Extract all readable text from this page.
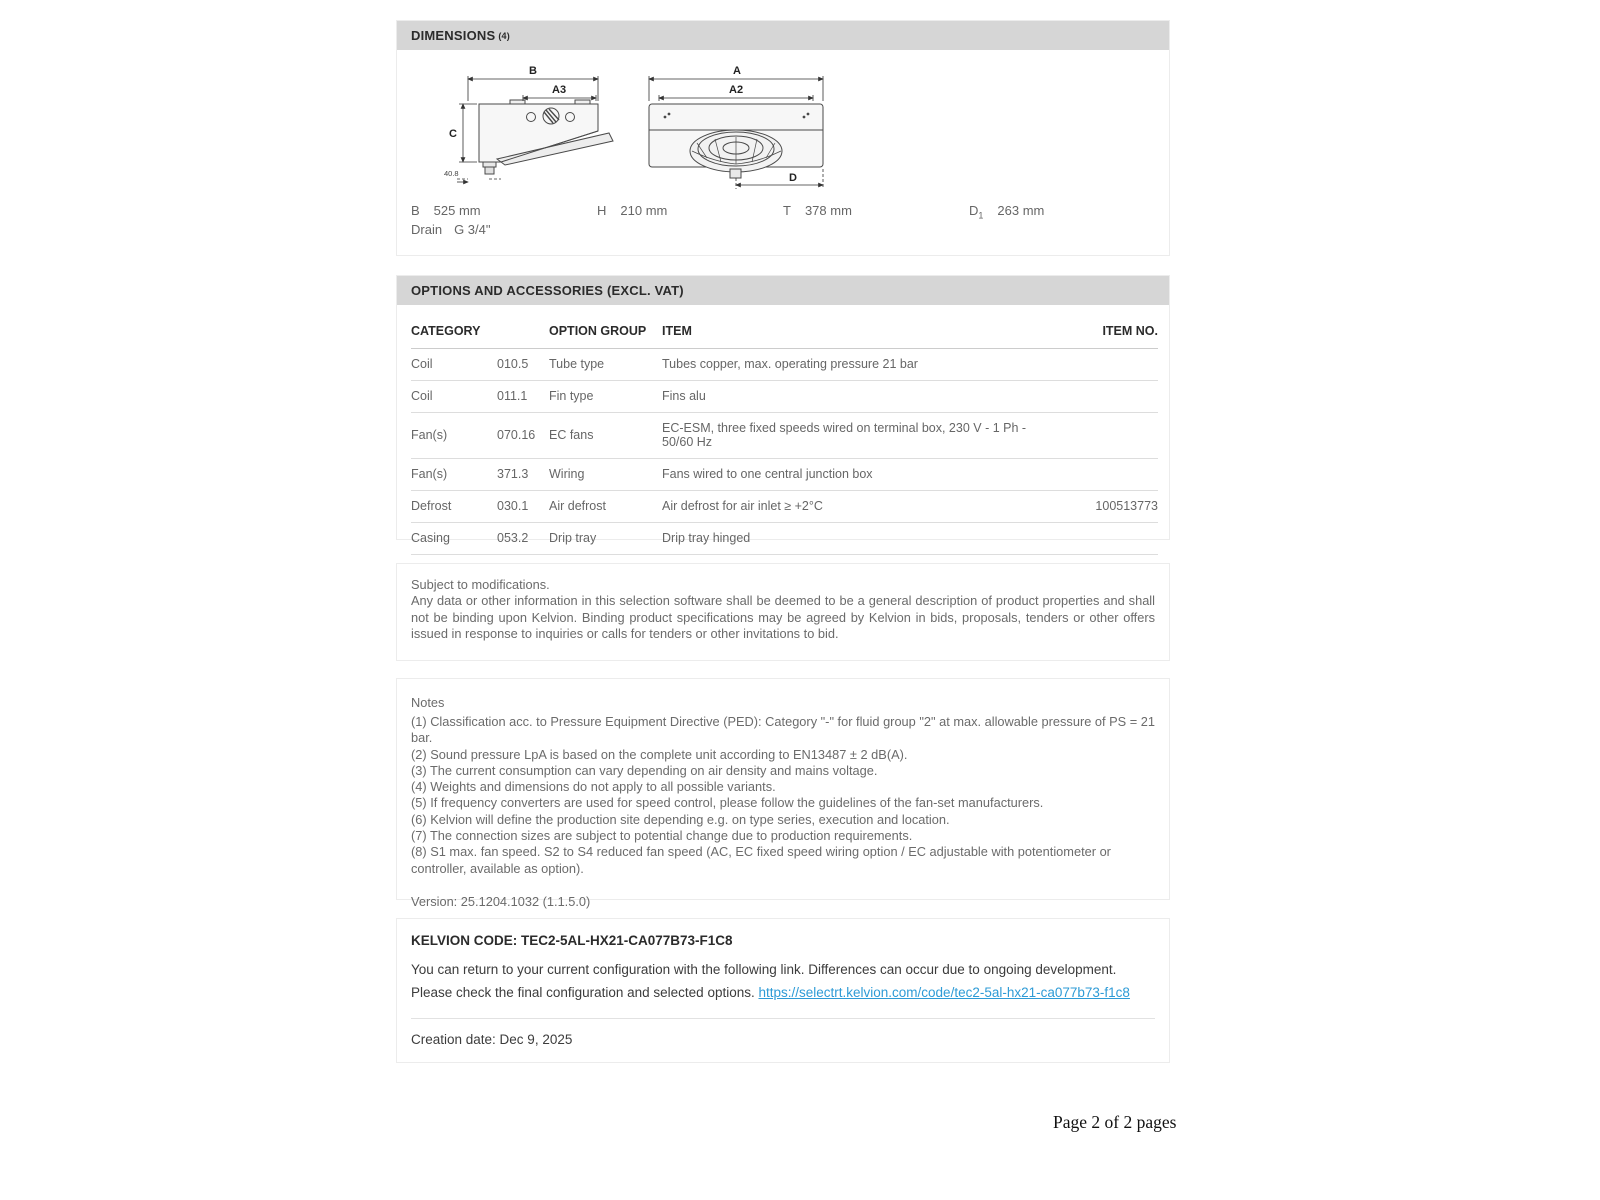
DIMENSIONS (4)
B
A3
C
40.8
A
A2
D
B 525 mm	H 210 mm	T 378 mm	$D_1$ 263 mm
Drain G 3/4"
OPTIONS AND ACCESSORIES (EXCL. VAT)
CATEGORY		OPTION GROUP	ITEM	ITEM NO.
Coil	010.5	Tube type	Tubes copper, max. operating pressure 21 bar	
Coil	011.1	Fin type	Fins alu	
Fan(s)	070.16	EC fans	EC-ESM, three fixed speeds wired on terminal box, 230 V - 1 Ph - 50/60 Hz	
Fan(s)	371.3	Wiring	Fans wired to one central junction box	
Defrost	030.1	Air defrost	Air defrost for air inlet ≥ +2°C	100513773
Casing	053.2	Drip tray	Drip tray hinged	
Subject to modifications.
Any data or other information in this selection software shall be deemed to be a general description of product properties and shall not be binding upon Kelvion. Binding product specifications may be agreed by Kelvion in bids, proposals, tenders or other offers issued in response to inquiries or calls for tenders or other invitations to bid.
Notes
(1) Classification acc. to Pressure Equipment Directive (PED): Category "-" for fluid group "2" at max. allowable pressure of PS = 21 bar.
(2) Sound pressure LpA is based on the complete unit according to EN13487 ± 2 dB(A).
(3) The current consumption can vary depending on air density and mains voltage.
(4) Weights and dimensions do not apply to all possible variants.
(5) If frequency converters are used for speed control, please follow the guidelines of the fan-set manufacturers.
(6) Kelvion will define the production site depending e.g. on type series, execution and location.
(7) The connection sizes are subject to potential change due to production requirements.
(8) S1 max. fan speed. S2 to S4 reduced fan speed (AC, EC fixed speed wiring option / EC adjustable with potentiometer or controller, available as option).
Version: 25.1204.1032 (1.1.5.0)
KELVION CODE: TEC2-5AL-HX21-CA077B73-F1C8
You can return to your current configuration with the following link. Differences can occur due to ongoing development. Please check the final configuration and selected options. https://selectrt.kelvion.com/code/tec2-5al-hx21-ca077b73-f1c8
Creation date: Dec 9, 2025
Page 2 of 2 pages
